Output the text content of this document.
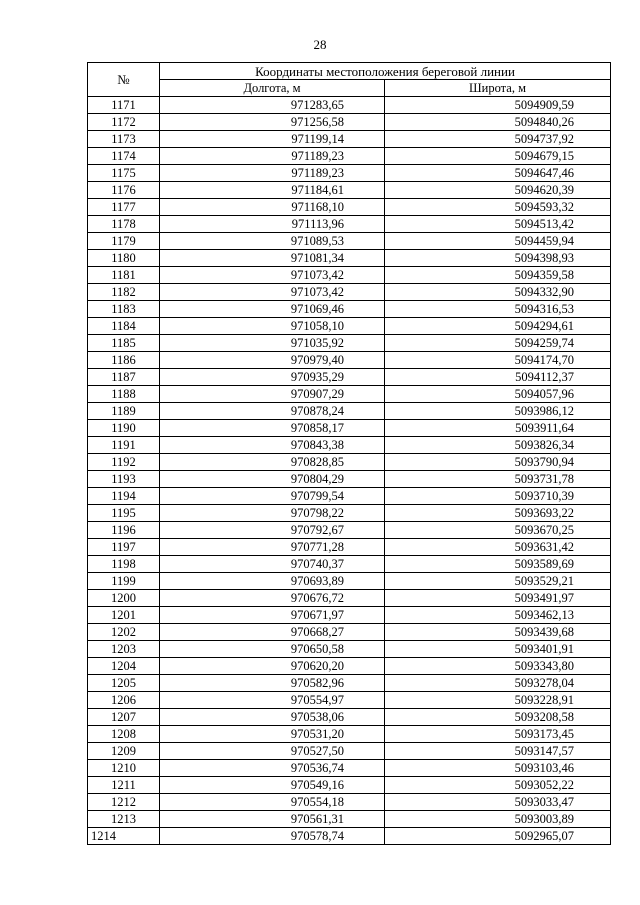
28
№	Координаты местоположения береговой линии	
	Долгота, м	Широта, м
1171	971283,65	5094909,59
1172	971256,58	5094840,26
1173	971199,14	5094737,92
1174	971189,23	5094679,15
1175	971189,23	5094647,46
1176	971184,61	5094620,39
1177	971168,10	5094593,32
1178	971113,96	5094513,42
1179	971089,53	5094459,94
1180	971081,34	5094398,93
1181	971073,42	5094359,58
1182	971073,42	5094332,90
1183	971069,46	5094316,53
1184	971058,10	5094294,61
1185	971035,92	5094259,74
1186	970979,40	5094174,70
1187	970935,29	5094112,37
1188	970907,29	5094057,96
1189	970878,24	5093986,12
1190	970858,17	5093911,64
1191	970843,38	5093826,34
1192	970828,85	5093790,94
1193	970804,29	5093731,78
1194	970799,54	5093710,39
1195	970798,22	5093693,22
1196	970792,67	5093670,25
1197	970771,28	5093631,42
1198	970740,37	5093589,69
1199	970693,89	5093529,21
1200	970676,72	5093491,97
1201	970671,97	5093462,13
1202	970668,27	5093439,68
1203	970650,58	5093401,91
1204	970620,20	5093343,80
1205	970582,96	5093278,04
1206	970554,97	5093228,91
1207	970538,06	5093208,58
1208	970531,20	5093173,45
1209	970527,50	5093147,57
1210	970536,74	5093103,46
1211	970549,16	5093052,22
1212	970554,18	5093033,47
1213	970561,31	5093003,89
1214	970578,74	5092965,07
